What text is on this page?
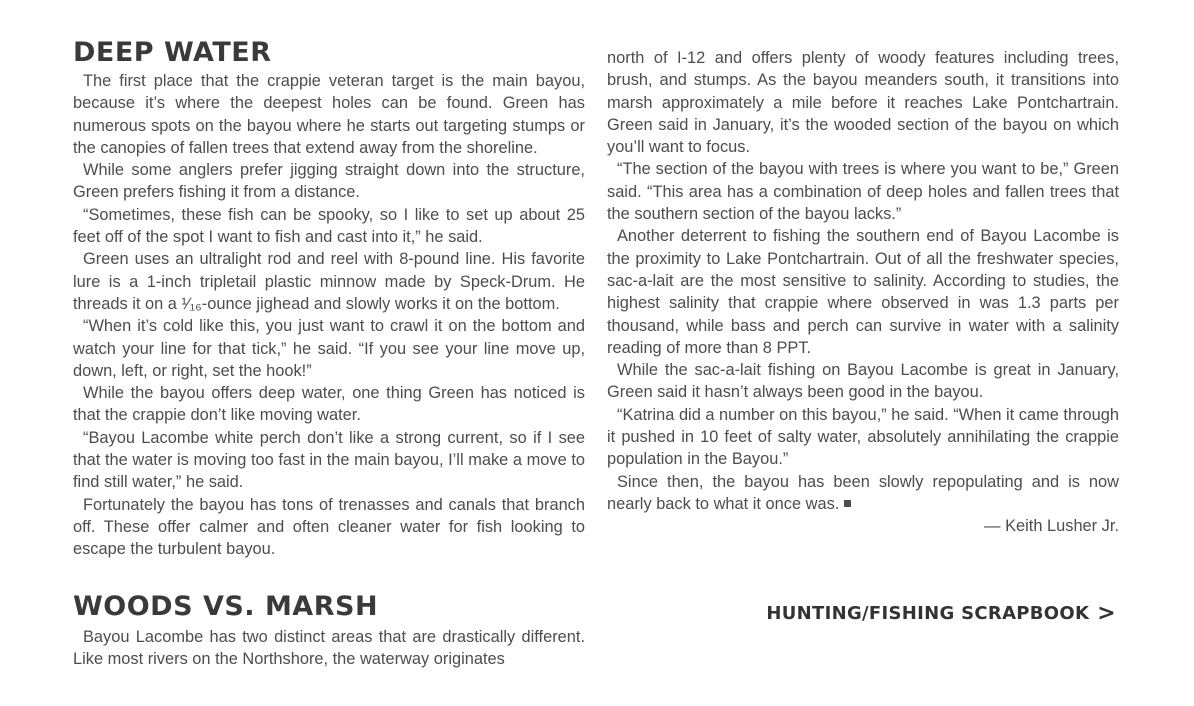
DEEP WATER

The first place that the crappie veteran target is the main bayou, because it’s where the deepest holes can be found. Green has numerous spots on the bayou where he starts out targeting stumps or the canopies of fallen trees that extend away from the shoreline.

While some anglers prefer jigging straight down into the structure, Green prefers fishing it from a distance.

“Sometimes, these fish can be spooky, so I like to set up about 25 feet off of the spot I want to fish and cast into it,” he said.

Green uses an ultralight rod and reel with 8-pound line. His favorite lure is a 1-inch tripletail plastic minnow made by Speck-Drum. He threads it on a ¹⁄₁₆-ounce jighead and slowly works it on the bottom.

“When it’s cold like this, you just want to crawl it on the bottom and watch your line for that tick,” he said. “If you see your line move up, down, left, or right, set the hook!”

While the bayou offers deep water, one thing Green has noticed is that the crappie don’t like moving water.

“Bayou Lacombe white perch don’t like a strong current, so if I see that the water is moving too fast in the main bayou, I’ll make a move to find still water,” he said.

Fortunately the bayou has tons of trenasses and canals that branch off. These offer calmer and often cleaner water for fish looking to escape the turbulent bayou.

WOODS VS. MARSH

Bayou Lacombe has two distinct areas that are drastically different. Like most rivers on the Northshore, the waterway originates

north of I-12 and offers plenty of woody features including trees, brush, and stumps. As the bayou meanders south, it transitions into marsh approximately a mile before it reaches Lake Pontchartrain. Green said in January, it’s the wooded section of the bayou on which you’ll want to focus.

“The section of the bayou with trees is where you want to be,” Green said. “This area has a combination of deep holes and fallen trees that the southern section of the bayou lacks.”

Another deterrent to fishing the southern end of Bayou Lacombe is the proximity to Lake Pontchartrain. Out of all the freshwater species, sac-a-lait are the most sensitive to salinity. According to studies, the highest salinity that crappie where observed in was 1.3 parts per thousand, while bass and perch can survive in water with a salinity reading of more than 8 PPT.

While the sac-a-lait fishing on Bayou Lacombe is great in January, Green said it hasn’t always been good in the bayou.

“Katrina did a number on this bayou,” he said. “When it came through it pushed in 10 feet of salty water, absolutely annihilating the crappie population in the Bayou.”

Since then, the bayou has been slowly repopulating and is now nearly back to what it once was.

— Keith Lusher Jr.

HUNTING/FISHING SCRAPBOOK >
